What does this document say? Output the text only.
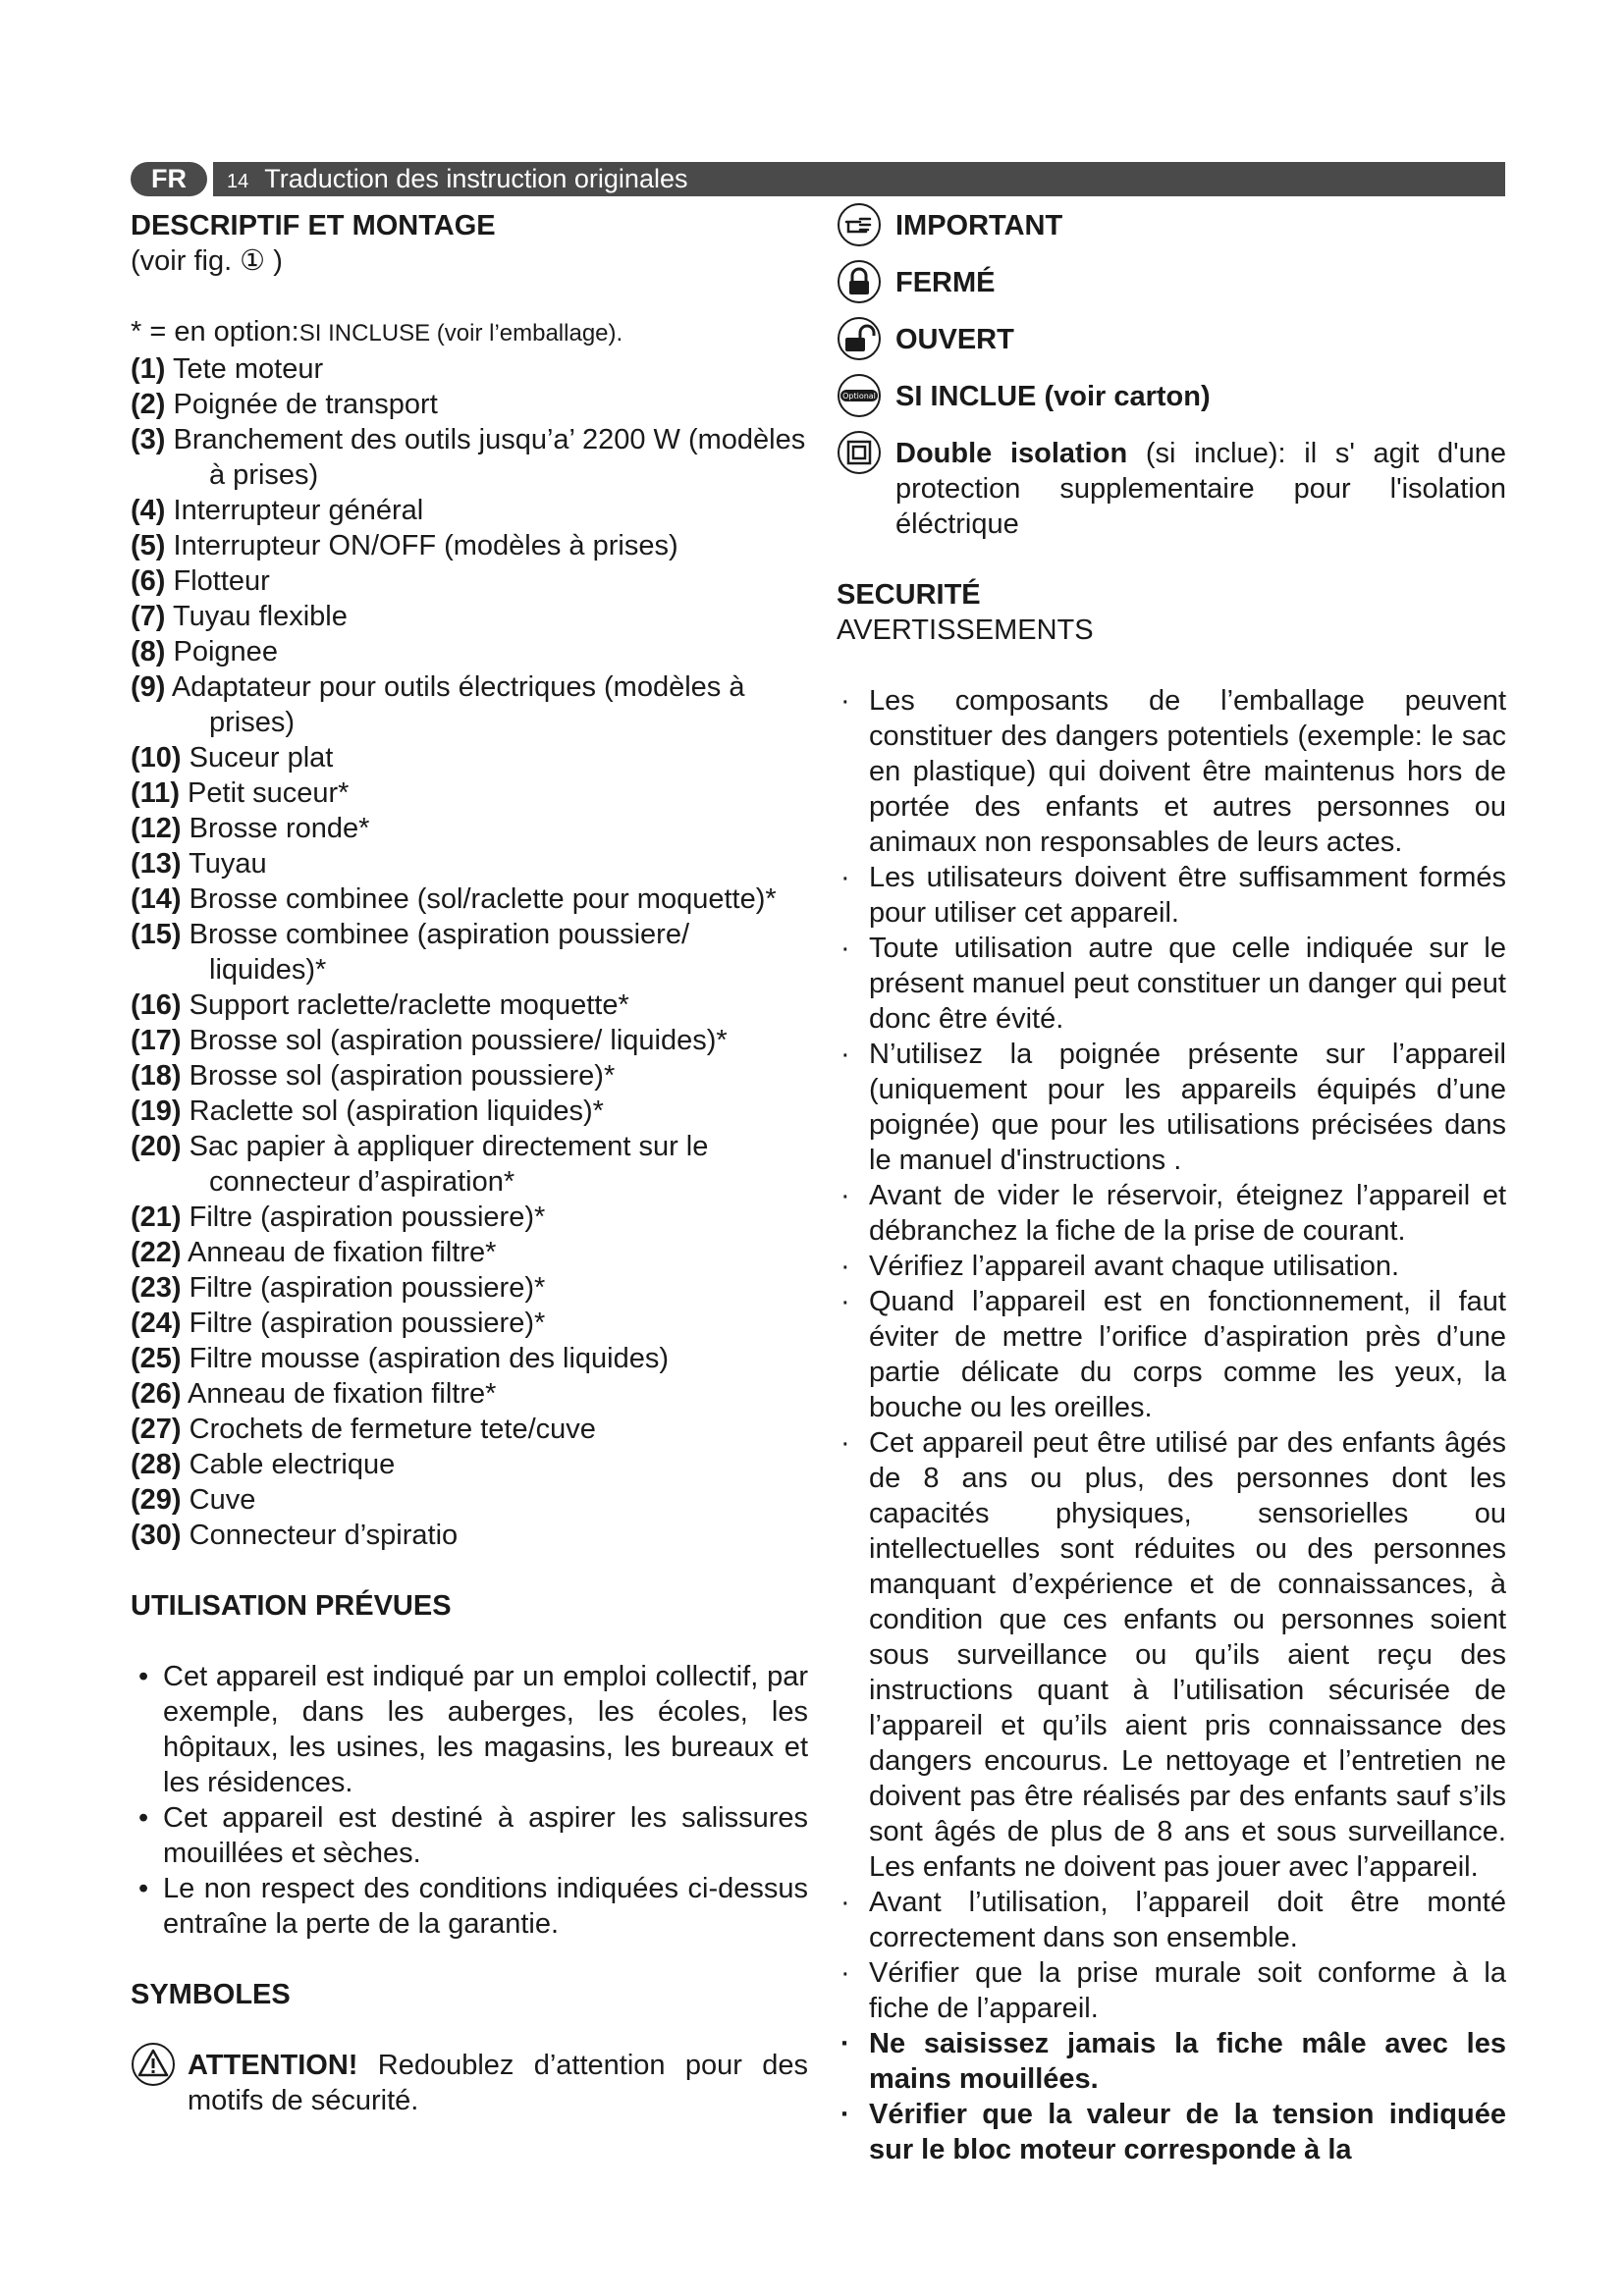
FR	14 Traduction des instruction originales
DESCRIPTIF ET MONTAGE
(voir fig. ① )
* = en option:SI INCLUSE (voir l’emballage).
(1) Tete moteur
(2) Poignée de transport
(3) Branchement des outils jusqu’a’ 2200 W (modèles à prises)
(4) Interrupteur général
(5) Interrupteur ON/OFF (modèles à prises)
(6) Flotteur
(7) Tuyau flexible
(8) Poignee
(9) Adaptateur pour outils électriques (modèles à prises)
(10) Suceur plat
(11) Petit suceur*
(12) Brosse ronde*
(13) Tuyau
(14) Brosse combinee (sol/raclette pour moquette)*
(15) Brosse combinee (aspiration poussiere/ liquides)*
(16) Support raclette/raclette moquette*
(17) Brosse sol (aspiration poussiere/ liquides)*
(18) Brosse sol (aspiration poussiere)*
(19) Raclette sol (aspiration liquides)*
(20) Sac papier à appliquer directement sur le connecteur d’aspiration*
(21) Filtre (aspiration poussiere)*
(22) Anneau de fixation filtre*
(23) Filtre (aspiration poussiere)*
(24) Filtre (aspiration poussiere)*
(25) Filtre mousse (aspiration des liquides)
(26) Anneau de fixation filtre*
(27) Crochets de fermeture tete/cuve
(28) Cable electrique
(29) Cuve
(30) Connecteur d’spiratio
UTILISATION PRÉVUES
• Cet appareil est indiqué par un emploi collectif, par exemple, dans les auberges, les écoles, les hôpitaux, les usines, les magasins, les bureaux et les résidences.
• Cet appareil est destiné à aspirer les salissures mouillées et sèches.
• Le non respect des conditions indiquées ci-dessus entraîne la perte de la garantie.
SYMBOLES
ATTENTION! Redoublez d’attention pour des motifs de sécurité.
IMPORTANT
FERMÉ
OUVERT
Optional SI INCLUE (voir carton)
Double isolation (si inclue): il s' agit d'une protection supplementaire pour l'isolation éléctrique
SECURITÉ
AVERTISSEMENTS
· Les composants de l’emballage peuvent constituer des dangers potentiels (exemple: le sac en plastique) qui doivent être maintenus hors de portée des enfants et autres personnes ou animaux non responsables de leurs actes.
· Les utilisateurs doivent être suffisamment formés pour utiliser cet appareil.
· Toute utilisation autre que celle indiquée sur le présent manuel peut constituer un danger qui peut donc être évité.
· N’utilisez la poignée présente sur l’appareil (uniquement pour les appareils équipés d’une poignée) que pour les utilisations précisées dans le manuel d'instructions .
· Avant de vider le réservoir, éteignez l’appareil et débranchez la fiche de la prise de courant.
· Vérifiez l’appareil avant chaque utilisation.
· Quand l’appareil est en fonctionnement, il faut éviter de mettre l’orifice d’aspiration près d’une partie délicate du corps comme les yeux, la bouche ou les oreilles.
· Cet appareil peut être utilisé par des enfants âgés de 8 ans ou plus, des personnes dont les capacités physiques, sensorielles ou intellectuelles sont réduites ou des personnes manquant d’expérience et de connaissances, à condition que ces enfants ou personnes soient sous surveillance ou qu’ils aient reçu des instructions quant à l’utilisation sécurisée de l’appareil et qu’ils aient pris connaissance des dangers encourus. Le nettoyage et l’entretien ne doivent pas être réalisés par des enfants sauf s’ils sont âgés de plus de 8 ans et sous surveillance. Les enfants ne doivent pas jouer avec l’appareil.
· Avant l’utilisation, l’appareil doit être monté correctement dans son ensemble.
· Vérifier que la prise murale soit conforme à la fiche de l’appareil.
· Ne saisissez jamais la fiche mâle avec les mains mouillées.
· Vérifier que la valeur de la tension indiquée sur le bloc moteur corresponde à la
